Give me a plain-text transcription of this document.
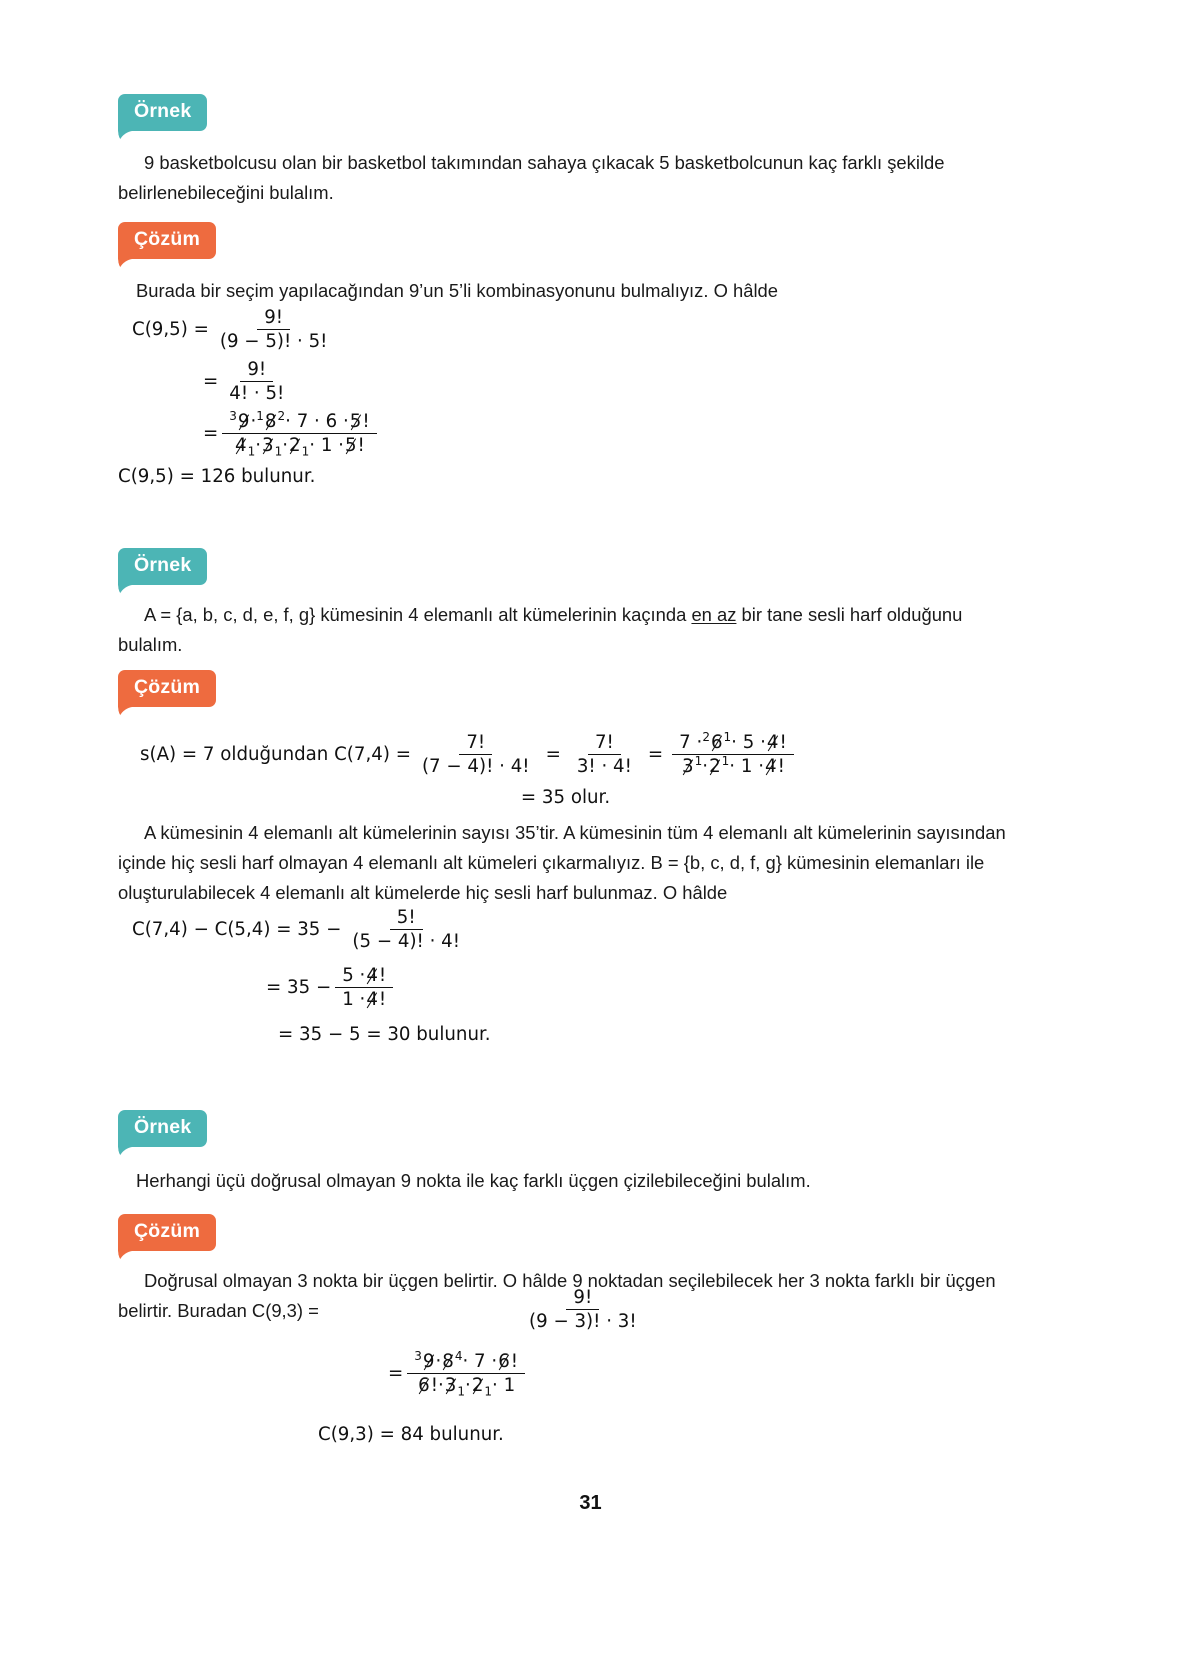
Örnek

9 basketbolcusu olan bir basketbol takımından sahaya çıkacak 5 basketbolcunun kaç farklı şekilde belirlenebileceğini bulalım.

Çözüm

Burada bir seçim yapılacağından 9’un 5’li kombinasyonunu bulmalıyız. O hâlde

$C(9,5) = \frac{9!}{(9 - 5)! \cdot 5!}$
= $\frac{9!}{4! \cdot 5!}$
= $\frac{^39\cdot^18^2\cdot 7 \cdot 6 \cdot 5!}{4_1\cdot 3_1\cdot 2_1\cdot 1 \cdot 5!}$
C(9,5) = 126 bulunur.
Örnek

A = {a, b, c, d, e, f, g} kümesinin 4 elemanlı alt kümelerinin kaçında en az bir tane sesli harf olduğunu bulalım.

Çözüm
s(A) = 7 olduğundan $C(7,4) = \frac{7!}{(7 - 4)! \cdot 4!} = \frac{7!}{3! \cdot 4!} = \frac{7 \cdot^26^1\cdot 5 \cdot 4!}{3^1\cdot 2^1\cdot 1 \cdot 4!}$
= 35 olur.

A kümesinin 4 elemanlı alt kümelerinin sayısı 35’tir. A kümesinin tüm 4 elemanlı alt kümelerinin sayısından içinde hiç sesli harf olmayan 4 elemanlı alt kümeleri çıkarmalıyız. B = {b, c, d, f, g} kümesinin elemanları ile oluşturulabilecek 4 elemanlı alt kümelerde hiç sesli harf bulunmaz. O hâlde

$C(7,4) - C(5,4) = 35 - \frac{5!}{(5 - 4)! \cdot 4!}$
= $35 - \frac{5 \cdot 4!}{1 \cdot 4!}$
= 35 − 5 = 30 bulunur.
Örnek

Herhangi üçü doğrusal olmayan 9 nokta ile kaç farklı üçgen çizilebileceğini bulalım.

Çözüm

Doğrusal olmayan 3 nokta bir üçgen belirtir. O hâlde 9 noktadan seçilebilecek her 3 nokta farklı bir üçgen belirtir. Buradan C(9,3) =	$\frac{9!}{(9 - 3)! \cdot 3!}$
= $\frac{^39\cdot 8^4\cdot 7 \cdot 6!}{6!\cdot 3_1\cdot 2_1\cdot 1}$
C(9,3) = 84 bulunur.
31
